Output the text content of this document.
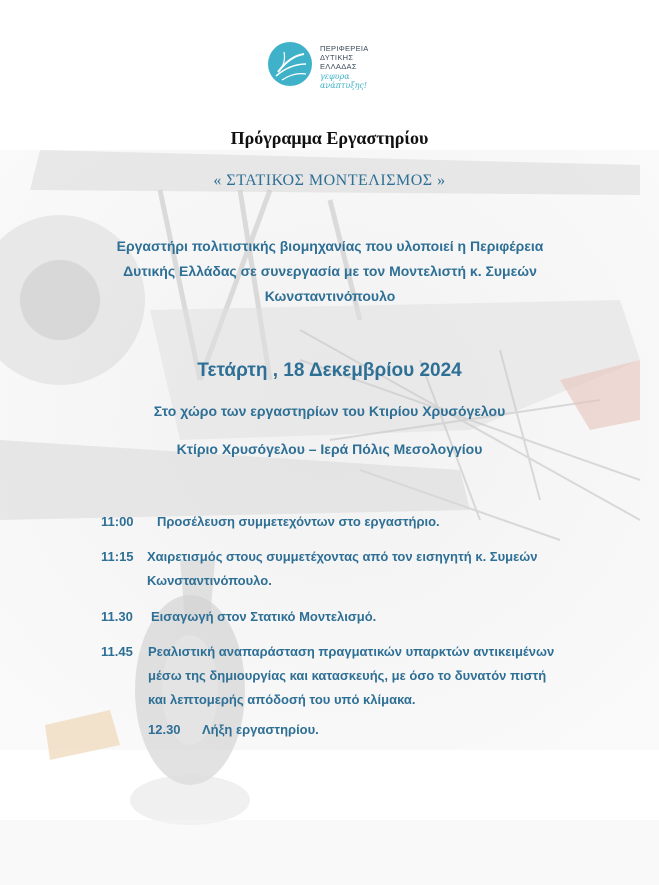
ΠΕΡΙΦΕΡΕΙΑ
ΔΥΤΙΚΗΣ
ΕΛΛΑΔΑΣ
γεφυρα ανάπτυξης!
Πρόγραμμα Εργαστηρίου
« ΣΤΑΤΙΚΟΣ ΜΟΝΤΕΛΙΣΜΟΣ »
Εργαστήρι πολιτιστικής βιομηχανίας που υλοποιεί η Περιφέρεια
Δυτικής Ελλάδας σε συνεργασία με τον Μοντελιστή κ. Συμεών
Κωνσταντινόπουλο
Τετάρτη , 18 Δεκεμβρίου 2024
Στο χώρο των εργαστηρίων του Κτιρίου Χρυσόγελου
Κτίριο Χρυσόγελου – Ιερά Πόλις Μεσολογγίου
11:00 Προσέλευση συμμετεχόντων στο εργαστήριο.
11:15 Χαιρετισμός στους συμμετέχοντας από τον εισηγητή κ. Συμεών
Κωνσταντινόπουλο.
11.30 Εισαγωγή στον Στατικό Μοντελισμό.
11.45 Ρεαλιστική αναπαράσταση πραγματικών υπαρκτών αντικειμένων
μέσω της δημιουργίας και κατασκευής, με όσο το δυνατόν πιστή
και λεπτομερής απόδοσή του υπό κλίμακα.
12.30 Λήξη εργαστηρίου.
